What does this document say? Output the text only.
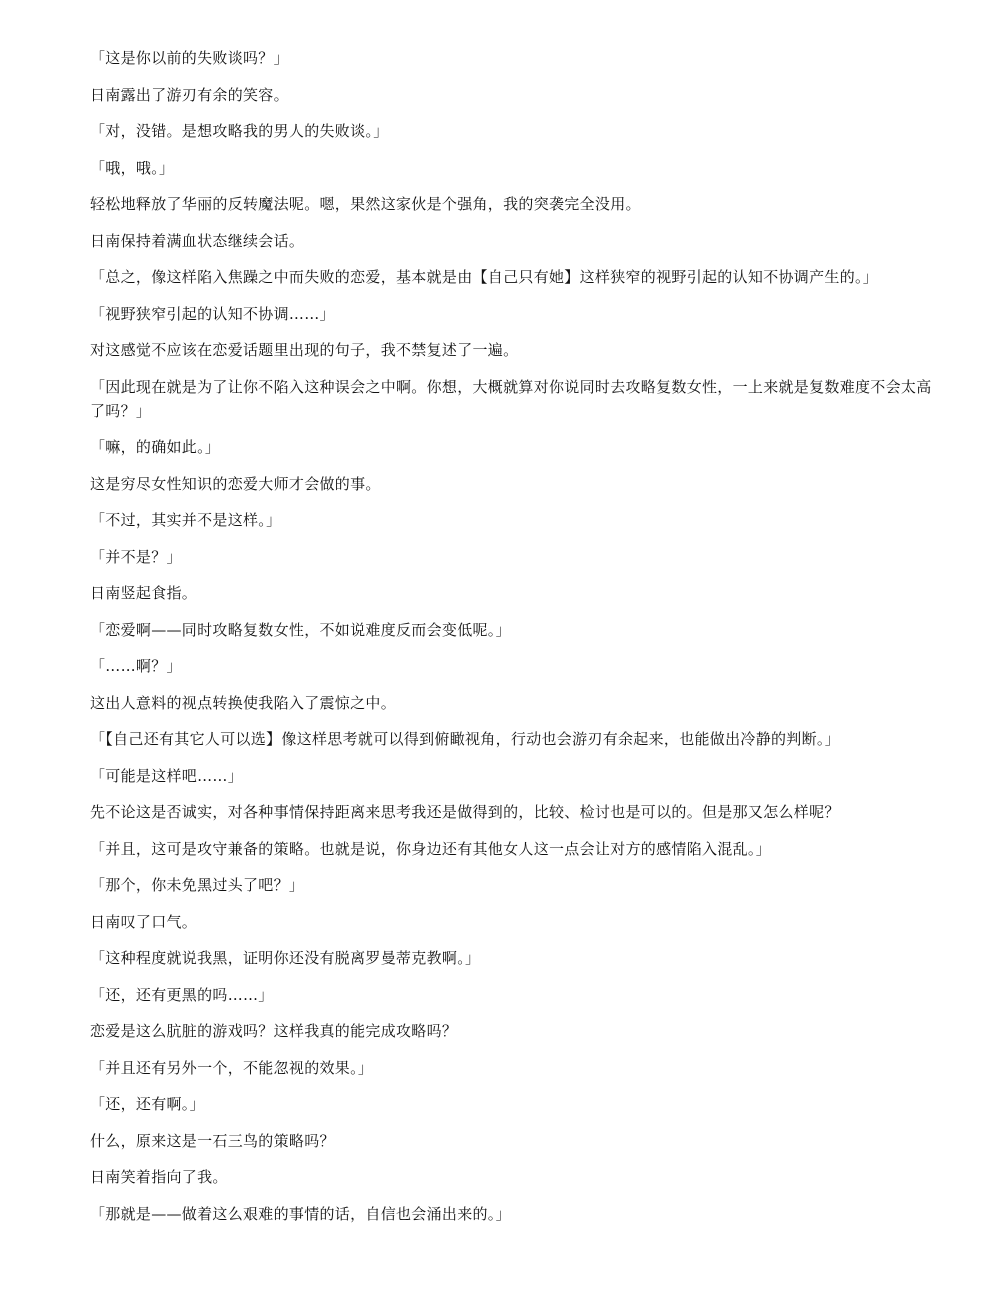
「这是你以前的失败谈吗？」

日南露出了游刃有余的笑容。

「对，没错。是想攻略我的男人的失败谈。」

「哦，哦。」

轻松地释放了华丽的反转魔法呢。嗯，果然这家伙是个强角，我的突袭完全没用。

日南保持着满血状态继续会话。

「总之，像这样陷入焦躁之中而失败的恋爱，基本就是由【自己只有她】这样狭窄的视野引起的认知不协调产生的。」

「视野狭窄引起的认知不协调……」

对这感觉不应该在恋爱话题里出现的句子，我不禁复述了一遍。

「因此现在就是为了让你不陷入这种误会之中啊。你想，大概就算对你说同时去攻略复数女性，一上来就是复数难度不会太高了吗？」

「嘛，的确如此。」

这是穷尽女性知识的恋爱大师才会做的事。

「不过，其实并不是这样。」

「并不是？」

日南竖起食指。

「恋爱啊——同时攻略复数女性，不如说难度反而会变低呢。」

「……啊？」

这出人意料的视点转换使我陷入了震惊之中。

「【自己还有其它人可以选】像这样思考就可以得到俯瞰视角，行动也会游刃有余起来，也能做出冷静的判断。」

「可能是这样吧……」

先不论这是否诚实，对各种事情保持距离来思考我还是做得到的，比较、检讨也是可以的。但是那又怎么样呢？

「并且，这可是攻守兼备的策略。也就是说，你身边还有其他女人这一点会让对方的感情陷入混乱。」

「那个，你未免黑过头了吧？」

日南叹了口气。

「这种程度就说我黑，证明你还没有脱离罗曼蒂克教啊。」

「还，还有更黑的吗……」

恋爱是这么肮脏的游戏吗？这样我真的能完成攻略吗？

「并且还有另外一个，不能忽视的效果。」

「还，还有啊。」

什么，原来这是一石三鸟的策略吗？

日南笑着指向了我。

「那就是——做着这么艰难的事情的话，自信也会涌出来的。」
